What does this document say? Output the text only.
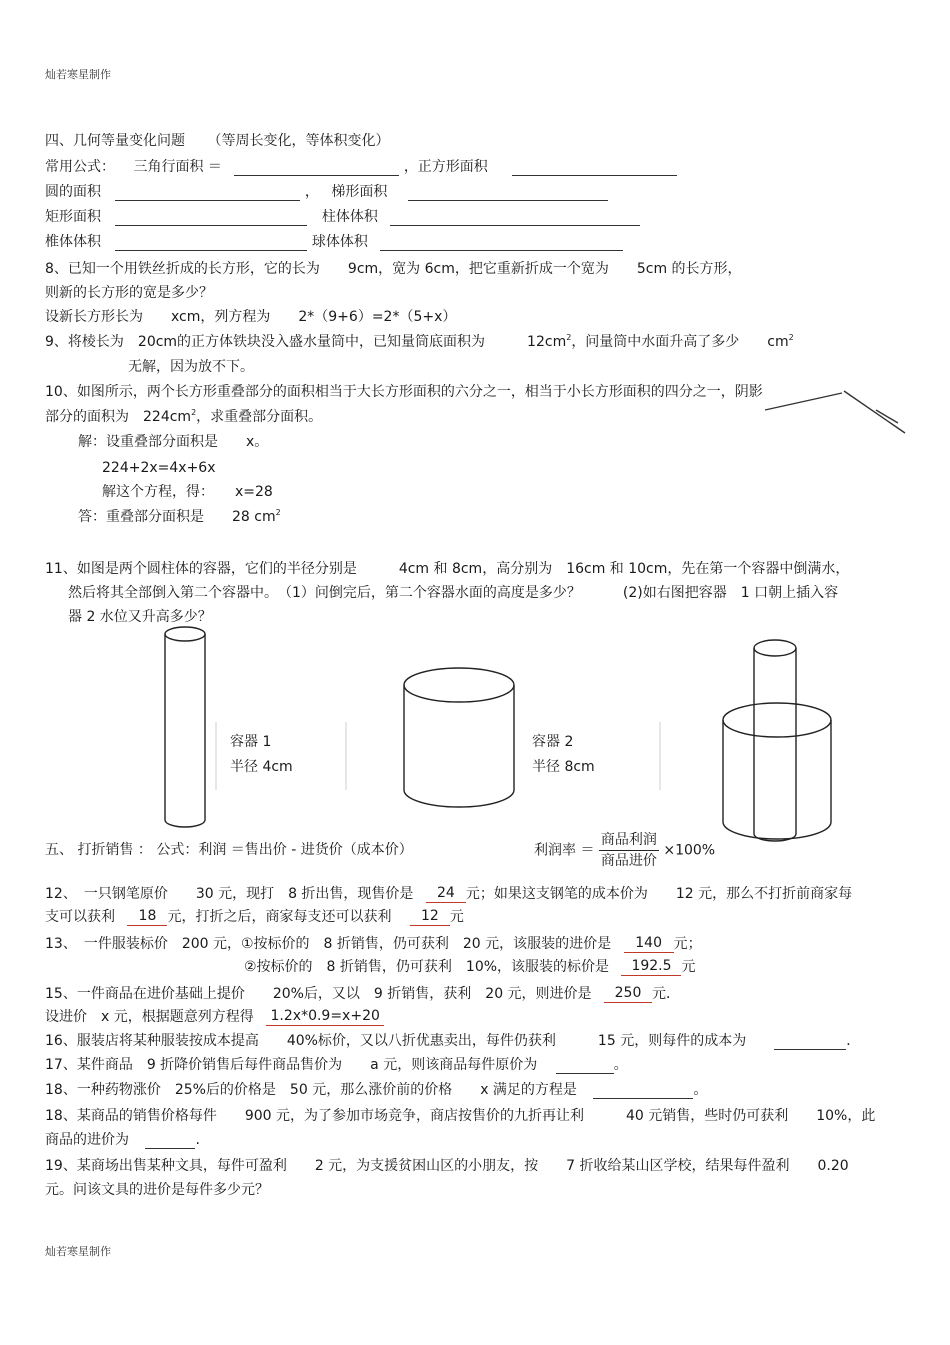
灿若寒星制作
灿若寒星制作
四、几何等量变化问题 （等周长变化，等体积变化）
常用公式： 三角行面积 ＝	，正方形面积
圆的面积	， 梯形面积
矩形面积	柱体体积
椎体体积	球体体积
8、已知一个用铁丝折成的长方形，它的长为　　9cm，宽为 6cm，把它重新折成一个宽为　　5cm 的长方形，
则新的长方形的宽是多少？
设新长方形长为　　xcm，列方程为　　2*（9+6）=2*（5+x）
9、将棱长为　20cm的正方体铁块没入盛水量筒中，已知量筒底面积为　　　$12cm^2$，问量筒中水面升高了多少　　$cm^2$
无解，因为放不下。
10、如图所示，两个长方形重叠部分的面积相当于大长方形面积的六分之一，相当于小长方形面积的四分之一，阴影
部分的面积为　$224cm^2$，求重叠部分面积。
解：设重叠部分面积是　　x。
224+2x=4x+6x
解这个方程，得：　　x=28
答：重叠部分面积是　　28 $cm^2$
11、如图是两个圆柱体的容器，它们的半径分别是　　　4cm 和 8cm，高分别为　16cm 和 10cm，先在第一个容器中倒满水，
然后将其全部倒入第二个容器中。　（1）问倒完后，第二个容器水面的高度是多少？　　　(2)如右图把容器　1 口朝上插入容
器 2 水位又升高多少？
容器 1
半径 4cm
容器 2
半径 8cm
五、 打折销售 ： 公式：利润 ＝售出价 - 进货价（成本价）	利润率 ＝ $\frac{\text{商品利润}}{\text{商品进价}} \times 100\%$
12、　一只钢笔原价　　30 元，现打　8 折出售，现售价是 24 元；如果这支钢笔的成本价为　　12 元，那么不打折前商家每
支可以获利 18 元，打折之后，商家每支还可以获利 12 元
13、　一件服装标价　200 元，①按标价的　8 折销售，仍可获利　20 元，该服装的进价是 140 元；
②按标价的　8 折销售，仍可获利　10%，该服装的标价是 192.5 元
15、一件商品在进价基础上提价　　20%后，又以　9 折销售，获利　20 元，则进价是 250 元．
设进价　x 元，根据题意列方程得 1.2x*0.9=x+20
16、服装店将某种服装按成本提高　　40%标价，又以八折优惠卖出，每件仍获利　　　15 元，则每件的成本为　　	．
17、某件商品　9 折降价销售后每件商品售价为　　a 元，则该商品每件原价为	。
18、一种药物涨价　25%后的价格是　50 元，那么涨价前的价格　　x 满足的方程是	。
18、某商品的销售价格每件　　900 元，为了参加市场竞争，商店按售价的九折再让利　　　40 元销售，些时仍可获利　　10%，此
商品的进价为	.
19、某商场出售某种文具，每件可盈利　　2 元，为支援贫困山区的小朋友，按　　7 折收给某山区学校，结果每件盈利　　0.20
元。问该文具的进价是每件多少元？
